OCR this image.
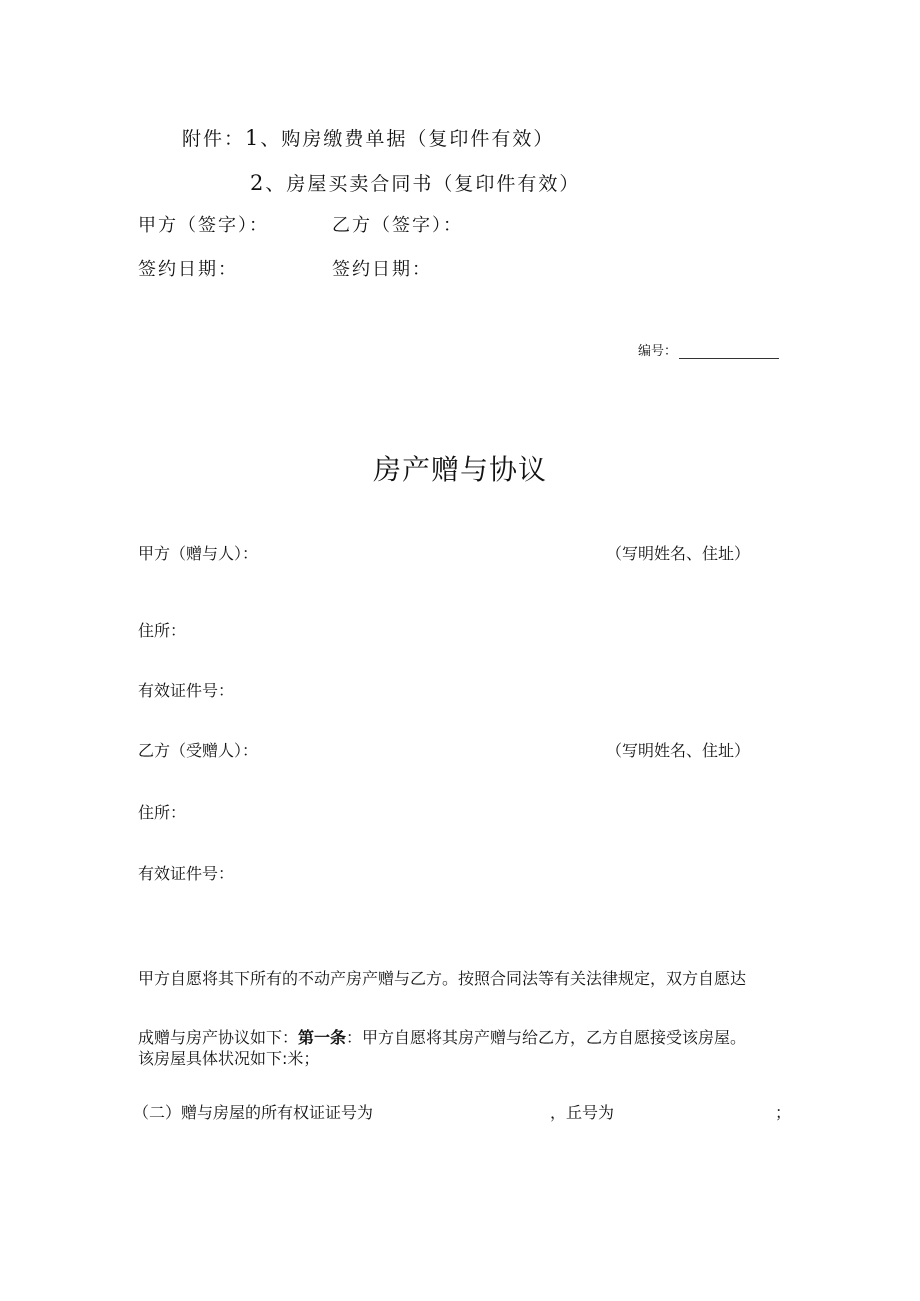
附件：1、购房缴费单据（复印件有效）
2、房屋买卖合同书（复印件有效）
甲方（签字）：	乙方（签字）：
签约日期：	签约日期：
编号：
房产赠与协议
甲方（赠与人）：	（写明姓名、住址）
住所：
有效证件号：
乙方（受赠人）：	（写明姓名、住址）
住所：
有效证件号：
甲方自愿将其下所有的不动产房产赠与乙方。按照合同法等有关法律规定，双方自愿达
成赠与房产协议如下：第一条：甲方自愿将其房产赠与给乙方，乙方自愿接受该房屋。
该房屋具体状况如下:米；
（二）赠与房屋的所有权证证号为	，丘号为	；
